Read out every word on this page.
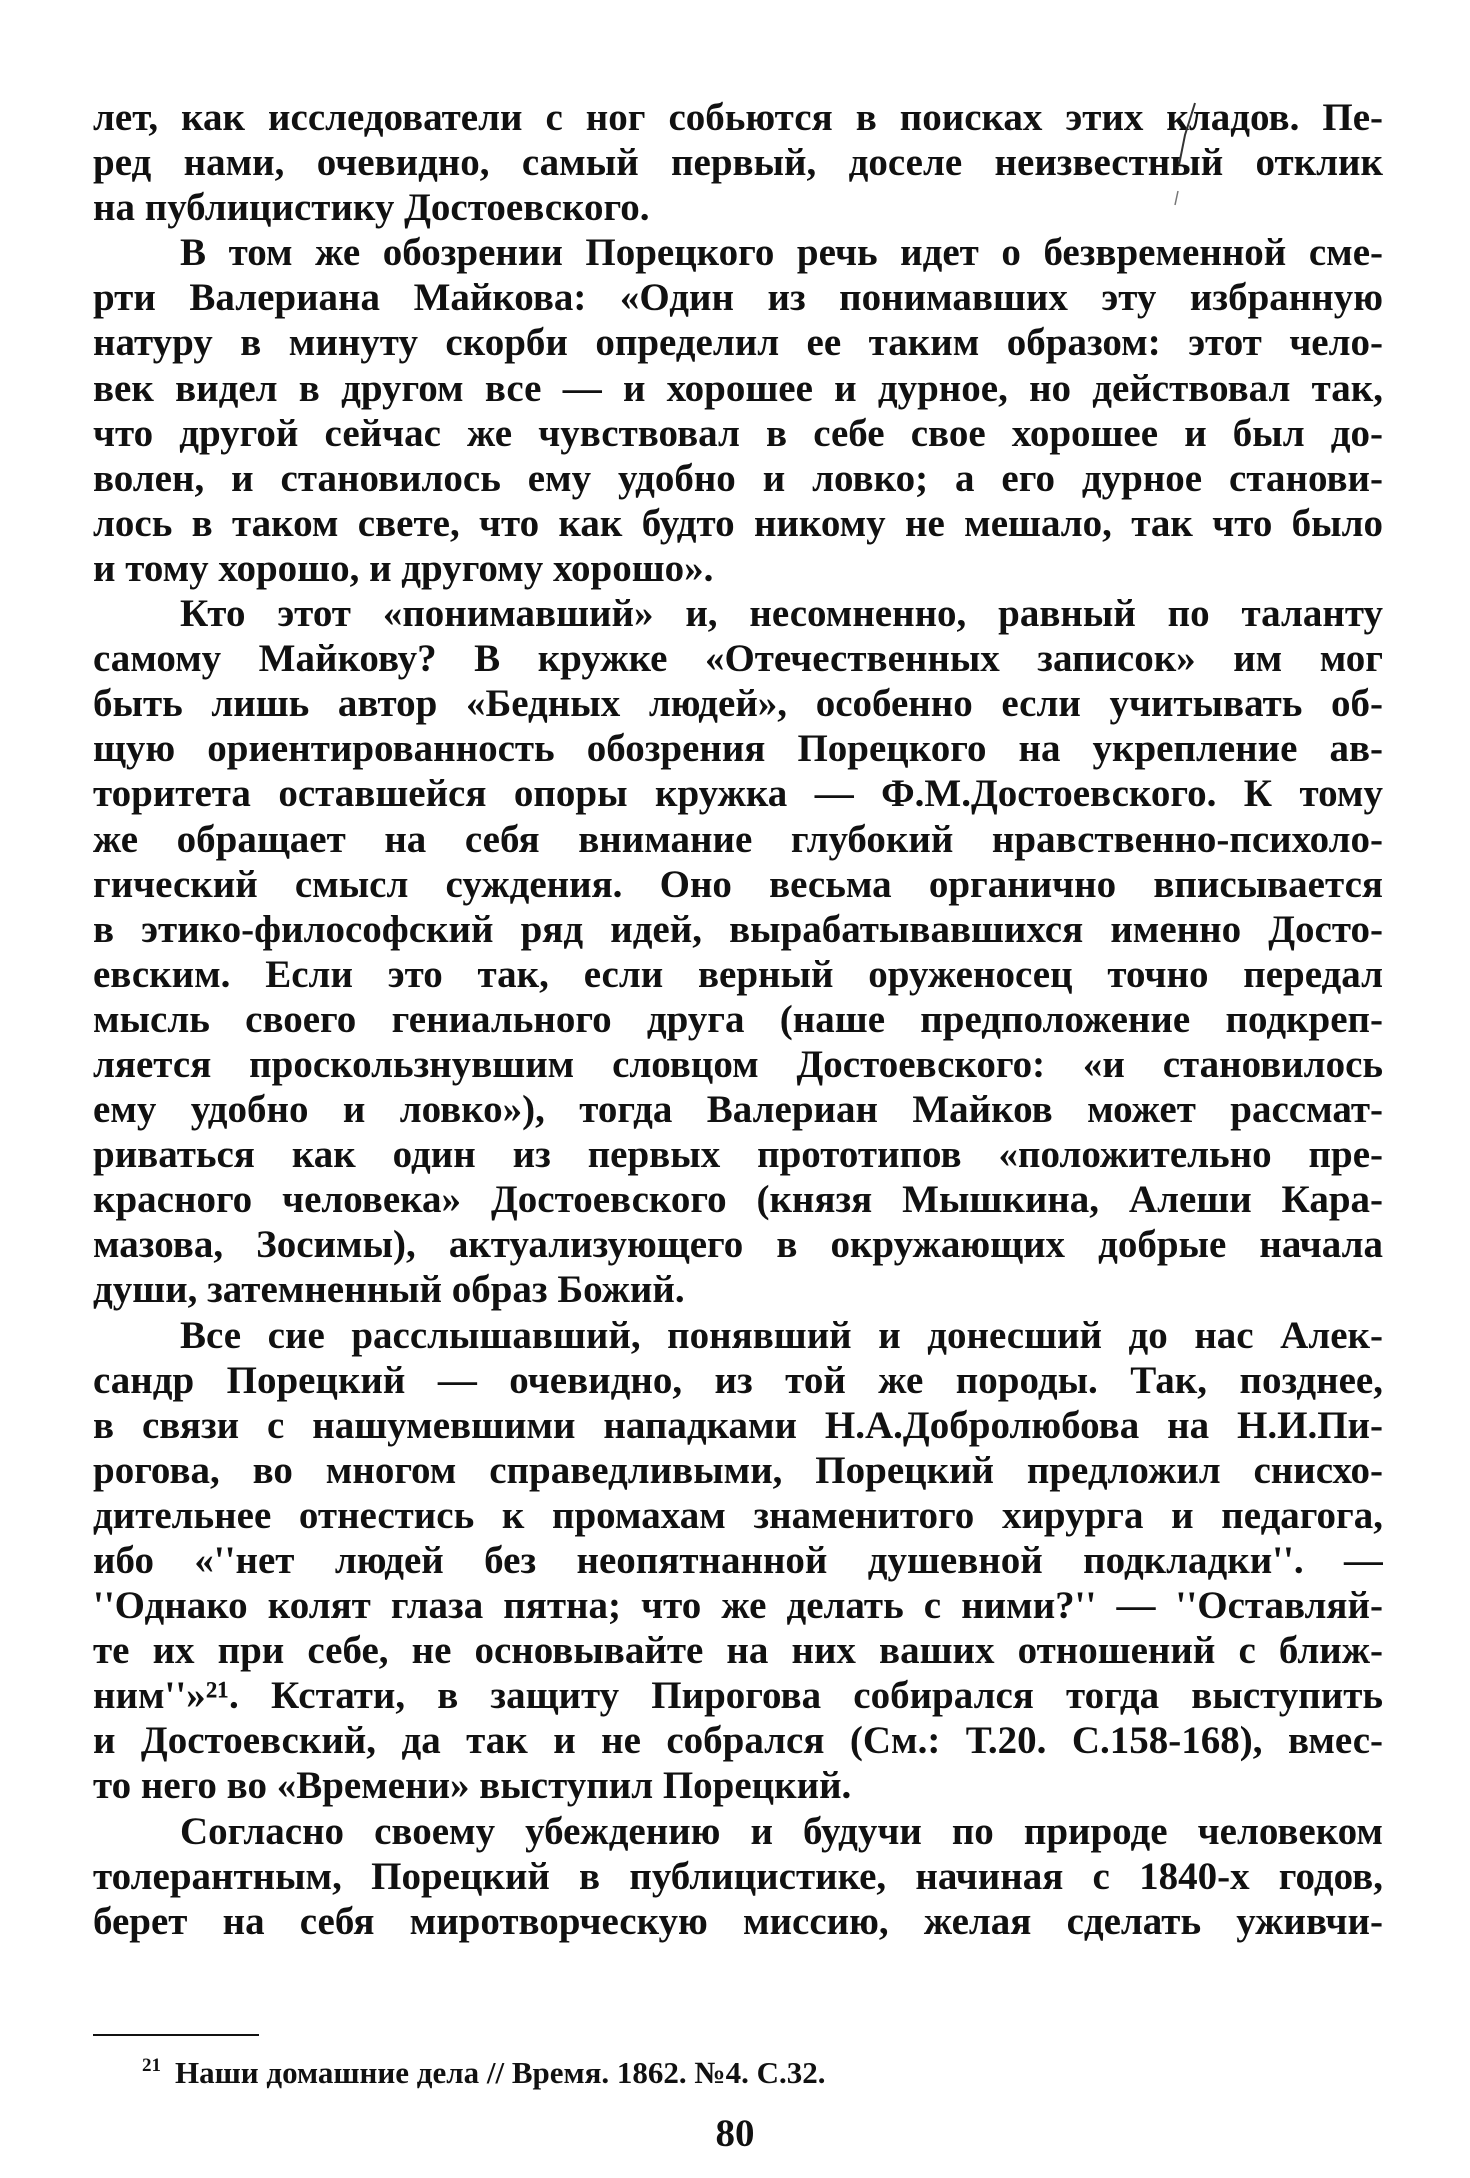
лет, как исследователи с ног собьются в поисках этих кладов. Пе-
ред нами, очевидно, самый первый, доселе неизвестный отклик
на публицистику Достоевского.
В том же обозрении Порецкого речь идет о безвременной сме-
рти Валериана Майкова: «Один из понимавших эту избранную
натуру в минуту скорби определил ее таким образом: этот чело-
век видел в другом все — и хорошее и дурное, но действовал так,
что другой сейчас же чувствовал в себе свое хорошее и был до-
волен, и становилось ему удобно и ловко; а его дурное станови-
лось в таком свете, что как будто никому не мешало, так что было
и тому хорошо, и другому хорошо».
Кто этот «понимавший» и, несомненно, равный по таланту
самому Майкову? В кружке «Отечественных записок» им мог
быть лишь автор «Бедных людей», особенно если учитывать об-
щую ориентированность обозрения Порецкого на укрепление ав-
торитета оставшейся опоры кружка — Ф.М.Достоевского. К тому
же обращает на себя внимание глубокий нравственно-психоло-
гический смысл суждения. Оно весьма органично вписывается
в этико-философский ряд идей, вырабатывавшихся именно Досто-
евским. Если это так, если верный оруженосец точно передал
мысль своего гениального друга (наше предположение подкреп-
ляется проскользнувшим словцом Достоевского: «и становилось
ему удобно и ловко»), тогда Валериан Майков может рассмат-
риваться как один из первых прототипов «положительно пре-
красного человека» Достоевского (князя Мышкина, Алеши Кара-
мазова, Зосимы), актуализующего в окружающих добрые начала
души, затемненный образ Божий.
Все сие расслышавший, понявший и донесший до нас Алек-
сандр Порецкий — очевидно, из той же породы. Так, позднее,
в связи с нашумевшими нападками Н.А.Добролюбова на Н.И.Пи-
рогова, во многом справедливыми, Порецкий предложил снисхо-
дительнее отнестись к промахам знаменитого хирурга и педагога,
ибо «''нет людей без неопятнанной душевной подкладки''. —
''Однако колят глаза пятна; что же делать с ними?'' — ''Оставляй-
те их при себе, не основывайте на них ваших отношений с ближ-
ним''»²¹. Кстати, в защиту Пирогова собирался тогда выступить
и Достоевский, да так и не собрался (См.: Т.20. С.158-168), вмес-
то него во «Времени» выступил Порецкий.
Согласно своему убеждению и будучи по природе человеком
толерантным, Порецкий в публицистике, начиная с 1840-х годов,
берет на себя миротворческую миссию, желая сделать уживчи-
$^{21}$ Наши домашние дела // Время. 1862. №4. С.32.
80
